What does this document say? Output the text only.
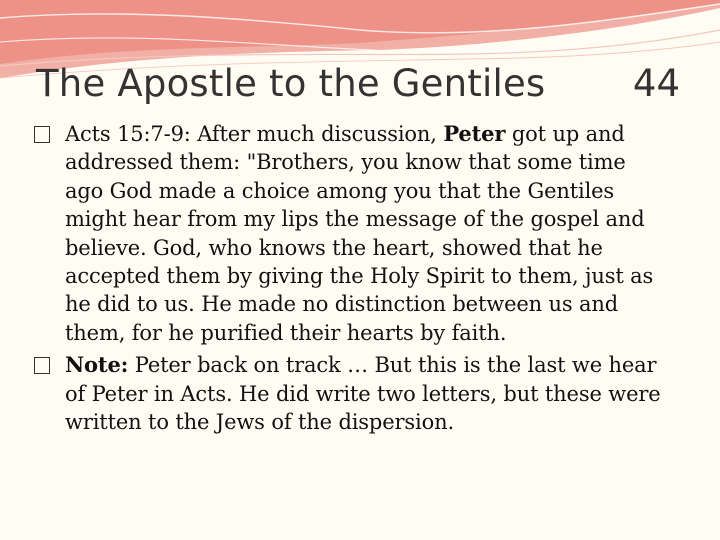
The Apostle to the Gentiles 44

Acts 15:7-9: After much discussion, Peter got up and addressed them: "Brothers, you know that some time ago God made a choice among you that the Gentiles might hear from my lips the message of the gospel and believe. God, who knows the heart, showed that he accepted them by giving the Holy Spirit to them, just as he did to us. He made no distinction between us and them, for he purified their hearts by faith.

Note: Peter back on track … But this is the last we hear of Peter in Acts. He did write two letters, but these were written to the Jews of the dispersion.
